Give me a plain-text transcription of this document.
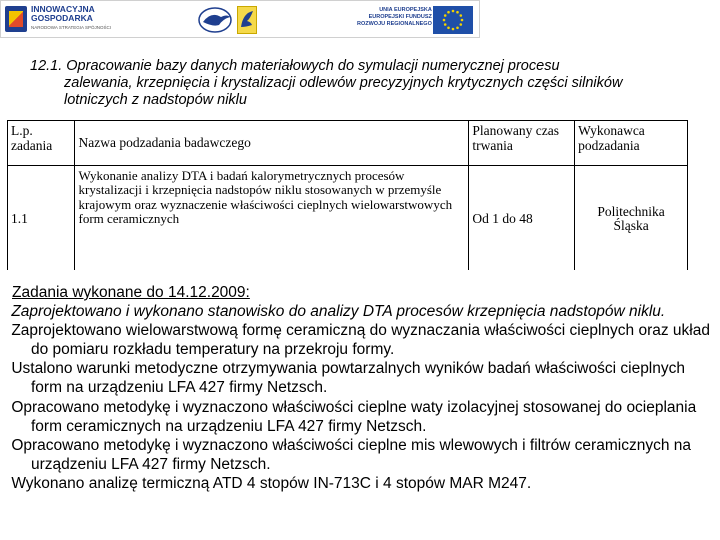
INNOWACYJNA
GOSPODARKA
NARODOWA STRATEGIA SPÓJNOŚCI
UNIA EUROPEJSKA
EUROPEJSKI FUNDUSZ
ROZWOJU REGIONALNEGO
12.1. Opracowanie bazy danych materiałowych do symulacji numerycznej procesu
zalewania, krzepnięcia i krystalizacji odlewów precyzyjnych krytycznych części silników lotniczych z nadstopów niklu
L.p. zadania	Nazwa podzadania badawczego	Planowany czas trwania	Wykonawca podzadania
1.1	Wykonanie analizy DTA i badań kalorymetrycznych procesów krystalizacji i krzepnięcia nadstopów niklu stosowanych w przemyśle krajowym oraz wyznaczenie właściwości cieplnych wielowarstwowych form ceramicznych	Od 1 do 48	Politechnika Śląska
Zadania wykonane do 14.12.2009:
Zaprojektowano i wykonano stanowisko do analizy DTA procesów krzepnięcia nadstopów niklu.
Zaprojektowano wielowarstwową formę ceramiczną do wyznaczania właściwości cieplnych oraz układ do pomiaru rozkładu temperatury na przekroju formy.
Ustalono warunki metodyczne otrzymywania powtarzalnych wyników badań właściwości cieplnych form na urządzeniu LFA 427 firmy Netzsch.
Opracowano metodykę i wyznaczono właściwości cieplne waty izolacyjnej stosowanej do ocieplania form ceramicznych na urządzeniu LFA 427 firmy Netzsch.
Opracowano metodykę i wyznaczono właściwości cieplne mis wlewowych i filtrów ceramicznych na urządzeniu LFA 427 firmy Netzsch.
Wykonano analizę termiczną ATD 4 stopów IN-713C i 4 stopów MAR M247.
